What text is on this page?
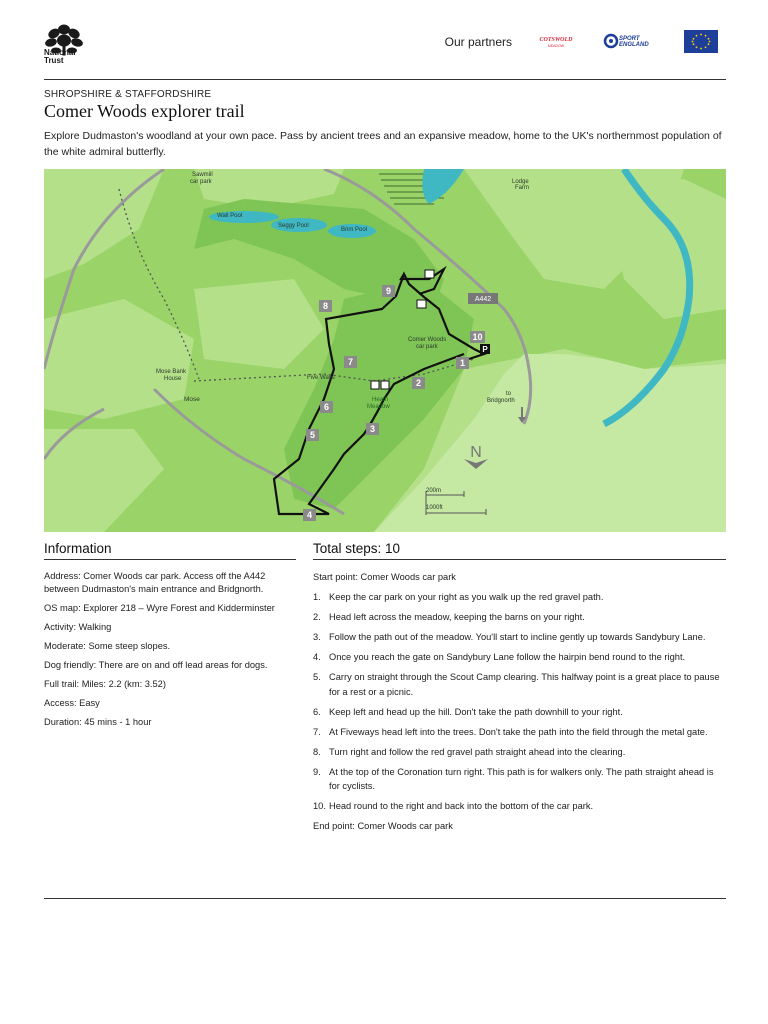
National
Trust
Our partners	COTSWOLD
MEADOW
SPORT
ENGLAND
SHROPSHIRE & STAFFORDSHIRE
Comer Woods explorer trail
Explore Dudmaston's woodland at your own pace. Pass by ancient trees and an expansive meadow, home to the UK's northernmost population of the white admiral butterfly.
Sawmill
car park
Wall Pool
Seggy Pool
Brim Pool
Lodge
Farm
Comer Woods
car park
Mose Bank
House
Mose
Five Ways
to
Bridgnorth
200m
1000ft
Heath
Meadow
A442
P
1
2
3
4
5
6
7
8
9
10
N
Information

Address: Comer Woods car park. Access off the A442 between Dudmaston's main entrance and Bridgnorth.

OS map: Explorer 218 – Wyre Forest and Kidderminster

Activity: Walking

Moderate: Some steep slopes.

Dog friendly: There are on and off lead areas for dogs.

Full trail: Miles: 2.2 (km: 3.52)

Access: Easy

Duration: 45 mins - 1 hour

Total steps: 10

Start point: Comer Woods car park

1. Keep the car park on your right as you walk up the red gravel path.
2. Head left across the meadow, keeping the barns on your right.
3. Follow the path out of the meadow. You'll start to incline gently up towards Sandybury Lane.
4. Once you reach the gate on Sandybury Lane follow the hairpin bend round to the right.
5. Carry on straight through the Scout Camp clearing. This halfway point is a great place to pause for a rest or a picnic.
6. Keep left and head up the hill. Don't take the path downhill to your right.
7. At Fiveways head left into the trees. Don't take the path into the field through the metal gate.
8. Turn right and follow the red gravel path straight ahead into the clearing.
9. At the top of the Coronation turn right. This path is for walkers only. The path straight ahead is for cyclists.
10. Head round to the right and back into the bottom of the car park.

End point: Comer Woods car park
